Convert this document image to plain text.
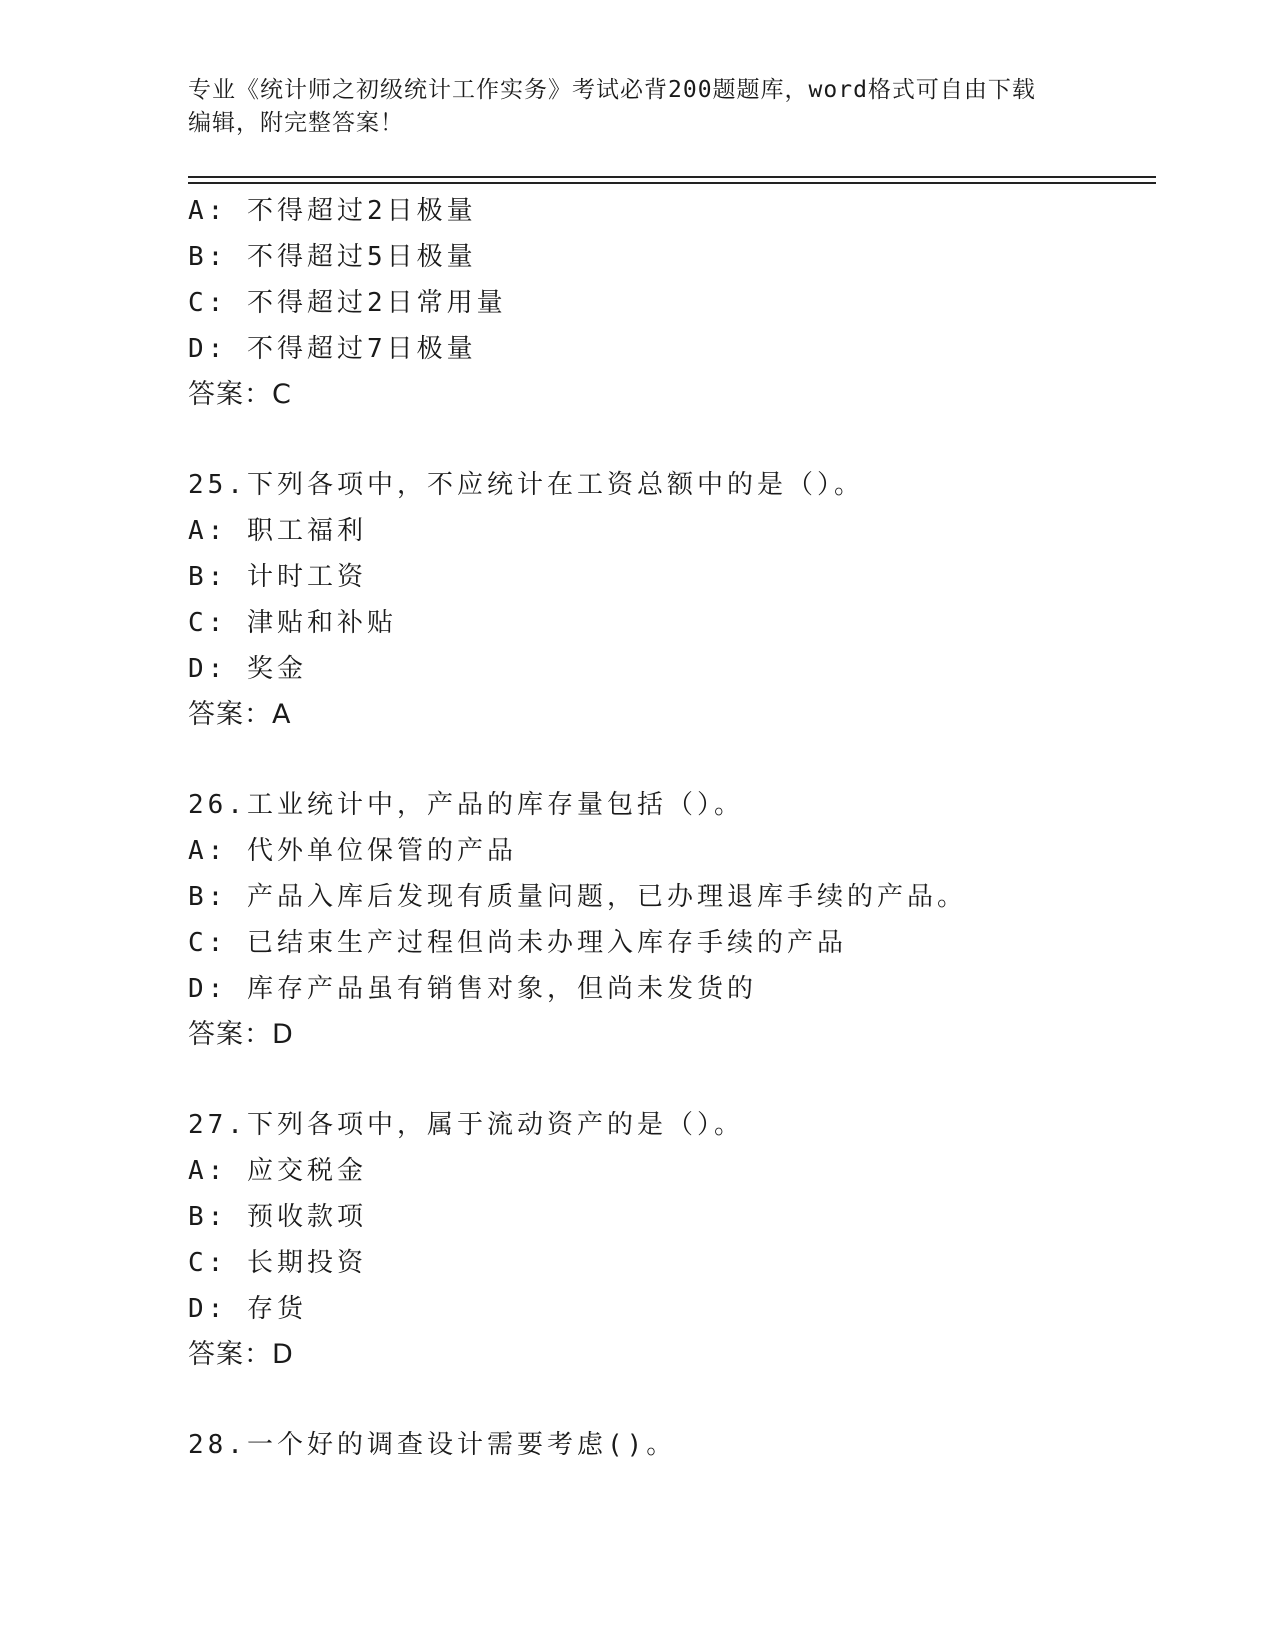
专业《统计师之初级统计工作实务》考试必背200题题库，word格式可自由下载
编辑，附完整答案！
A: 不得超过2日极量
B: 不得超过5日极量
C: 不得超过2日常用量
D: 不得超过7日极量
答案：C
25.下列各项中，不应统计在工资总额中的是（）。
A: 职工福利
B: 计时工资
C: 津贴和补贴
D: 奖金
答案：A
26.工业统计中，产品的库存量包括（）。
A: 代外单位保管的产品
B: 产品入库后发现有质量问题，已办理退库手续的产品。
C: 已结束生产过程但尚未办理入库存手续的产品
D: 库存产品虽有销售对象，但尚未发货的
答案：D
27.下列各项中，属于流动资产的是（）。
A: 应交税金
B: 预收款项
C: 长期投资
D: 存货
答案：D
28.一个好的调查设计需要考虑()。
